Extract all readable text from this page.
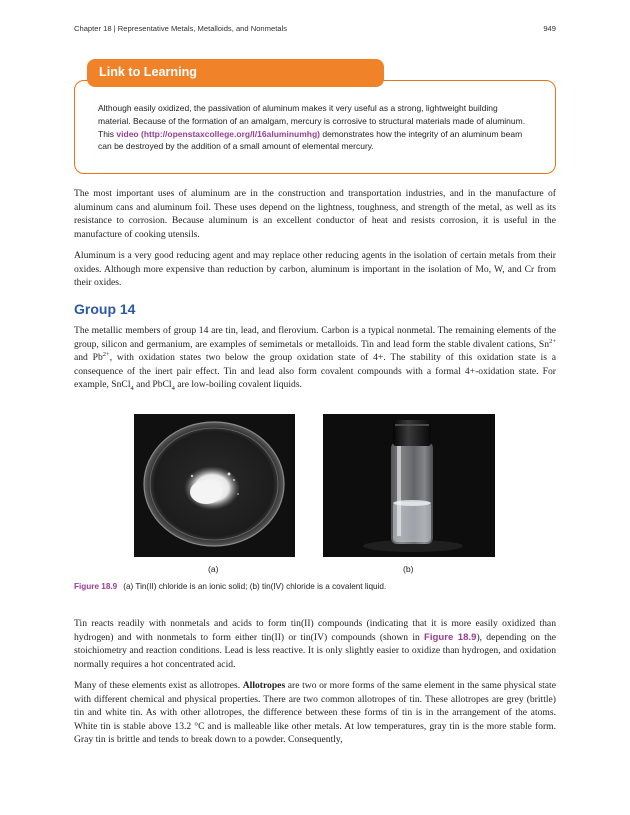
Chapter 18 | Representative Metals, Metalloids, and Nonmetals	949
Link to Learning
Although easily oxidized, the passivation of aluminum makes it very useful as a strong, lightweight building material. Because of the formation of an amalgam, mercury is corrosive to structural materials made of aluminum. This video (http://openstaxcollege.org/l/16aluminumhg) demonstrates how the integrity of an aluminum beam can be destroyed by the addition of a small amount of elemental mercury.

The most important uses of aluminum are in the construction and transportation industries, and in the manufacture of aluminum cans and aluminum foil. These uses depend on the lightness, toughness, and strength of the metal, as well as its resistance to corrosion. Because aluminum is an excellent conductor of heat and resists corrosion, it is useful in the manufacture of cooking utensils.

Aluminum is a very good reducing agent and may replace other reducing agents in the isolation of certain metals from their oxides. Although more expensive than reduction by carbon, aluminum is important in the isolation of Mo, W, and Cr from their oxides.

Group 14

The metallic members of group 14 are tin, lead, and flerovium. Carbon is a typical nonmetal. The remaining elements of the group, silicon and germanium, are examples of semimetals or metalloids. Tin and lead form the stable divalent cations, $Sn^{2+}$ and $Pb^{2+}$, with oxidation states two below the group oxidation state of 4+. The stability of this oxidation state is a consequence of the inert pair effect. Tin and lead also form covalent compounds with a formal 4+-oxidation state. For example, SnCl$_4$ and PbCl$_4$ are low-boiling covalent liquids.

(a)	(b)
Figure 18.9 (a) Tin(II) chloride is an ionic solid; (b) tin(IV) chloride is a covalent liquid.

Tin reacts readily with nonmetals and acids to form tin(II) compounds (indicating that it is more easily oxidized than hydrogen) and with nonmetals to form either tin(II) or tin(IV) compounds (shown in Figure 18.9), depending on the stoichiometry and reaction conditions. Lead is less reactive. It is only slightly easier to oxidize than hydrogen, and oxidation normally requires a hot concentrated acid.

Many of these elements exist as allotropes. Allotropes are two or more forms of the same element in the same physical state with different chemical and physical properties. There are two common allotropes of tin. These allotropes are grey (brittle) tin and white tin. As with other allotropes, the difference between these forms of tin is in the arrangement of the atoms. White tin is stable above 13.2 °C and is malleable like other metals. At low temperatures, gray tin is the more stable form. Gray tin is brittle and tends to break down to a powder. Consequently,
